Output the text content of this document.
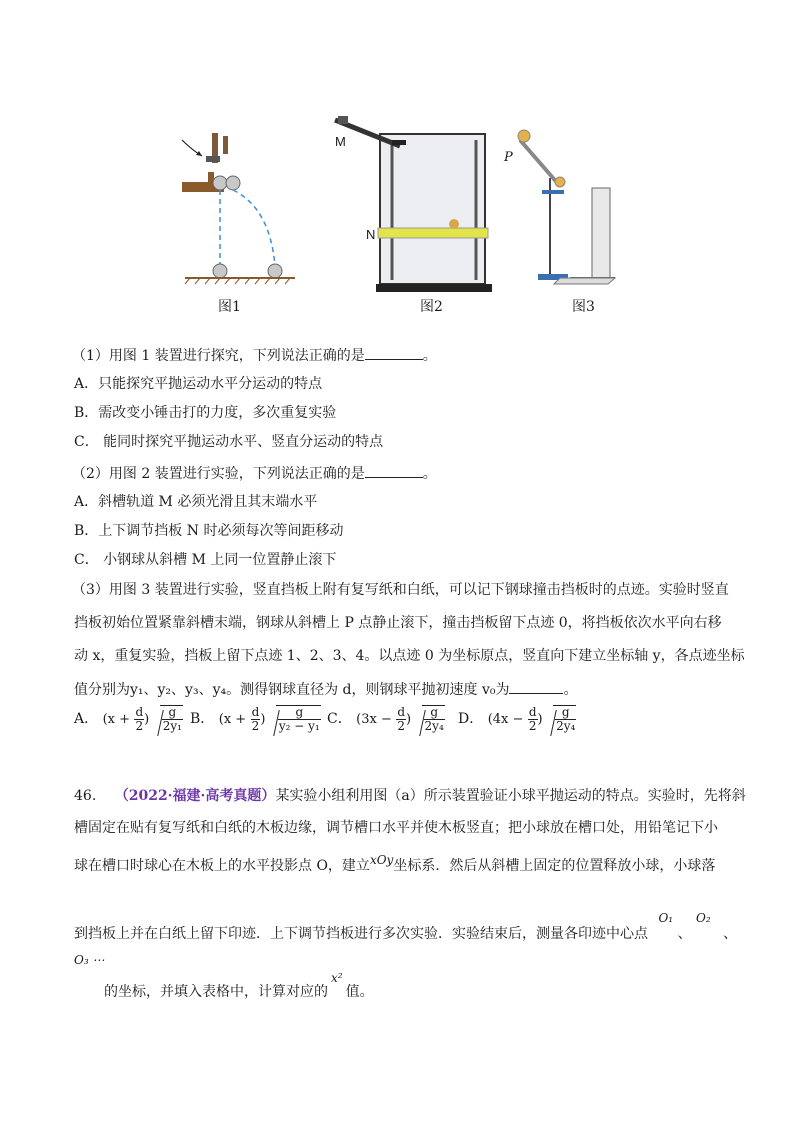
图1
M
N
图2
P
图3
（1）用图 1 装置进行探究，下列说法正确的是	。
A．只能探究平抛运动水平分运动的特点
B．需改变小锤击打的力度，多次重复实验
C． 能同时探究平抛运动水平、竖直分运动的特点
（2）用图 2 装置进行实验，下列说法正确的是	。
A．斜槽轨道 M 必须光滑且其末端水平
B．上下调节挡板 N 时必须每次等间距移动
C． 小钢球从斜槽 M 上同一位置静止滚下
（3）用图 3 装置进行实验，竖直挡板上附有复写纸和白纸，可以记下钢球撞击挡板时的点迹。实验时竖直
挡板初始位置紧靠斜槽末端，钢球从斜槽上 P 点静止滚下，撞击挡板留下点迹 0，将挡板依次水平向右移
动 x，重复实验，挡板上留下点迹 1、2、3、4。以点迹 0 为坐标原点，竖直向下建立坐标轴 y，各点迹坐标
值分别为y₁、y₂、y₃、y₄。测得钢球直径为 d，则钢球平抛初速度 v₀为	。
A． ($x + \frac{d}{2}$ ) $\frac{g}{\text{2y₁}}$ B． ($x + \frac{d}{2}$ ) $\frac{g}{\text{y₂ − y₁}}$ C． ($3x - \frac{d}{2}$ ) $\frac{g}{\text{2y₄}}$ D． ($4x - \frac{d}{2}$ ) $\frac{g}{\text{2y₄}}$
46. （2022·福建·高考真题）某实验小组利用图（a）所示装置验证小球平抛运动的特点。实验时，先将斜
槽固定在贴有复写纸和白纸的木板边缘，调节槽口水平并使木板竖直；把小球放在槽口处，用铅笔记下小
球在槽口时球心在木板上的水平投影点 O，建立xOy坐标系．然后从斜槽上固定的位置释放小球，小球落
到挡板上并在白纸上留下印迹．上下调节挡板进行多次实验．实验结束后，测量各印迹中心点 O₁ 、 O₂ 、
O₃ ⋯
的坐标，并填入表格中，计算对应的x²值。
